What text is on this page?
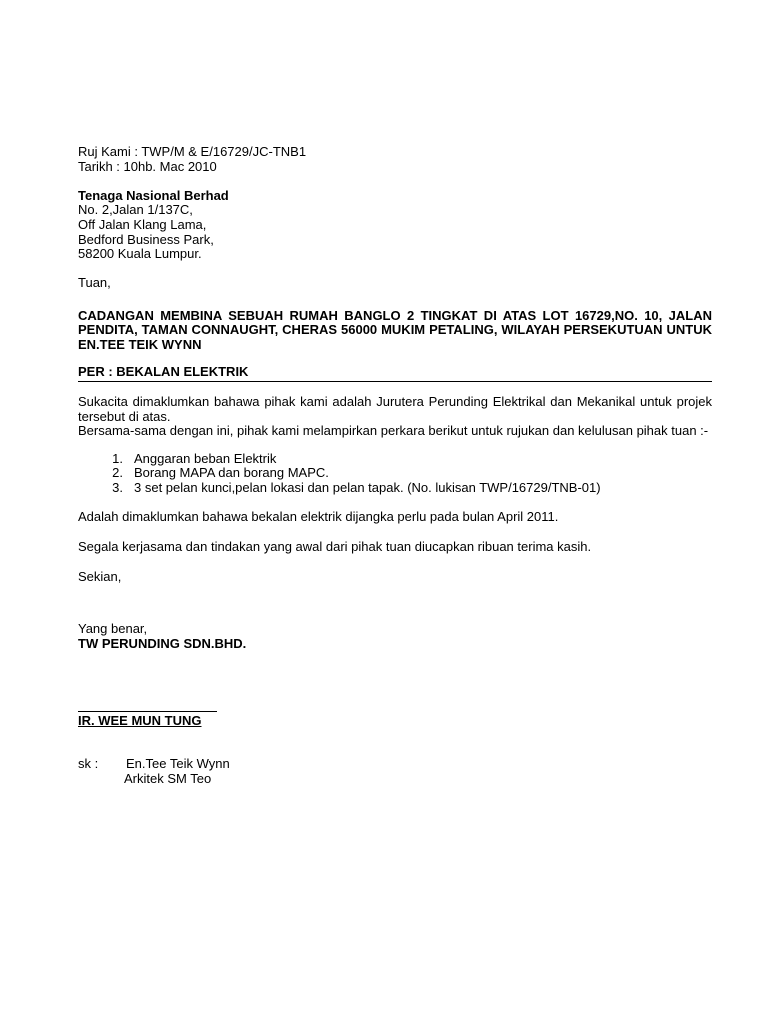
Ruj Kami : TWP/M & E/16729/JC-TNB1
Tarikh : 10hb. Mac 2010
Tenaga Nasional Berhad
No. 2,Jalan 1/137C,
Off Jalan Klang Lama,
Bedford Business Park,
58200 Kuala Lumpur.
Tuan,
CADANGAN MEMBINA SEBUAH RUMAH BANGLO 2 TINGKAT DI ATAS LOT 16729,NO. 10, JALAN PENDITA, TAMAN CONNAUGHT, CHERAS 56000 MUKIM PETALING, WILAYAH PERSEKUTUAN UNTUK EN.TEE TEIK WYNN
PER : BEKALAN ELEKTRIK
Sukacita dimaklumkan bahawa pihak kami adalah Jurutera Perunding Elektrikal dan Mekanikal untuk projek tersebut di atas.
Bersama-sama dengan ini, pihak kami melampirkan perkara berikut untuk rujukan dan kelulusan pihak tuan :-
1. Anggaran beban Elektrik
2. Borang MAPA dan borang MAPC.
3. 3 set pelan kunci,pelan lokasi dan pelan tapak. (No. lukisan TWP/16729/TNB-01)
Adalah dimaklumkan bahawa bekalan elektrik dijangka perlu pada bulan April 2011.
Segala kerjasama dan tindakan yang awal dari pihak tuan diucapkan ribuan terima kasih.
Sekian,
Yang benar,
TW PERUNDING SDN.BHD.
IR. WEE MUN TUNG
sk :	En.Tee Teik Wynn
Arkitek SM Teo
